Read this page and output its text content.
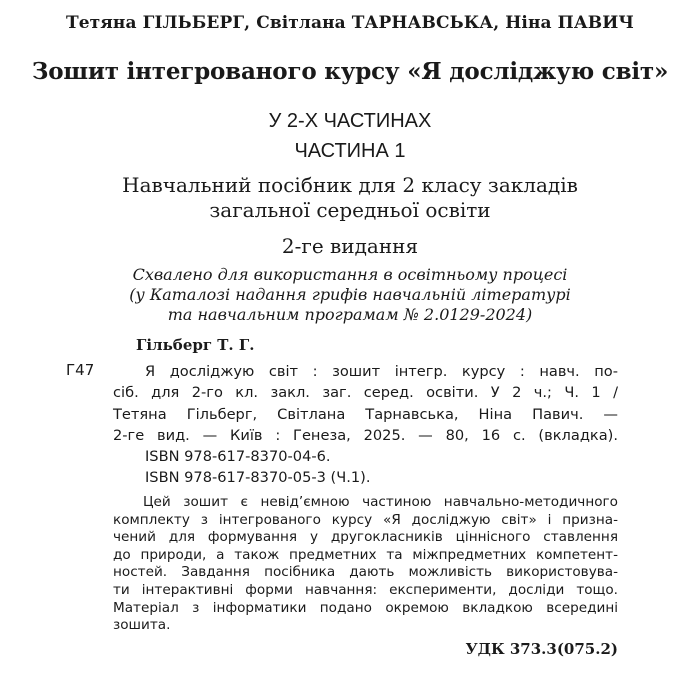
Тетяна ГІЛЬБЕРГ, Світлана ТАРНАВСЬКА, Ніна ПАВИЧ
Зошит інтегрованого курсу «Я досліджую світ»
У 2-Х ЧАСТИНАХ
ЧАСТИНА 1
Навчальний посібник для 2 класу закладів
загальної середньої освіти
2-ге видання
Схвалено для використання в освітньому процесі
(у Каталозі надання грифів навчальній літературі
та навчальним програмам № 2.0129-2024)
Гільберг Т. Г.
Г47	Я досліджую світ : зошит інтегр. курсу : навч. по-
сіб. для 2-го кл. закл. заг. серед. освіти. У 2 ч.; Ч. 1 /
Тетяна Гільберг, Світлана Тарнавська, Ніна Павич. —
2-ге вид. — Київ : Генеза, 2025. — 80, 16 с. (вкладка).
ISBN 978-617-8370-04-6.
ISBN 978-617-8370-05-3 (Ч.1).
Цей зошит є невід’ємною частиною навчально-методичного
комплекту з інтегрованого курсу «Я досліджую світ» і призна-
чений для формування у другокласників ціннісного ставлення
до природи, а також предметних та міжпредметних компетент-
ностей. Завдання посібника дають можливість використовува-
ти інтерактивні форми навчання: експерименти, досліди тощо.
Матеріал з інформатики подано окремою вкладкою всередині
зошита.
УДК 373.3(075.2)
